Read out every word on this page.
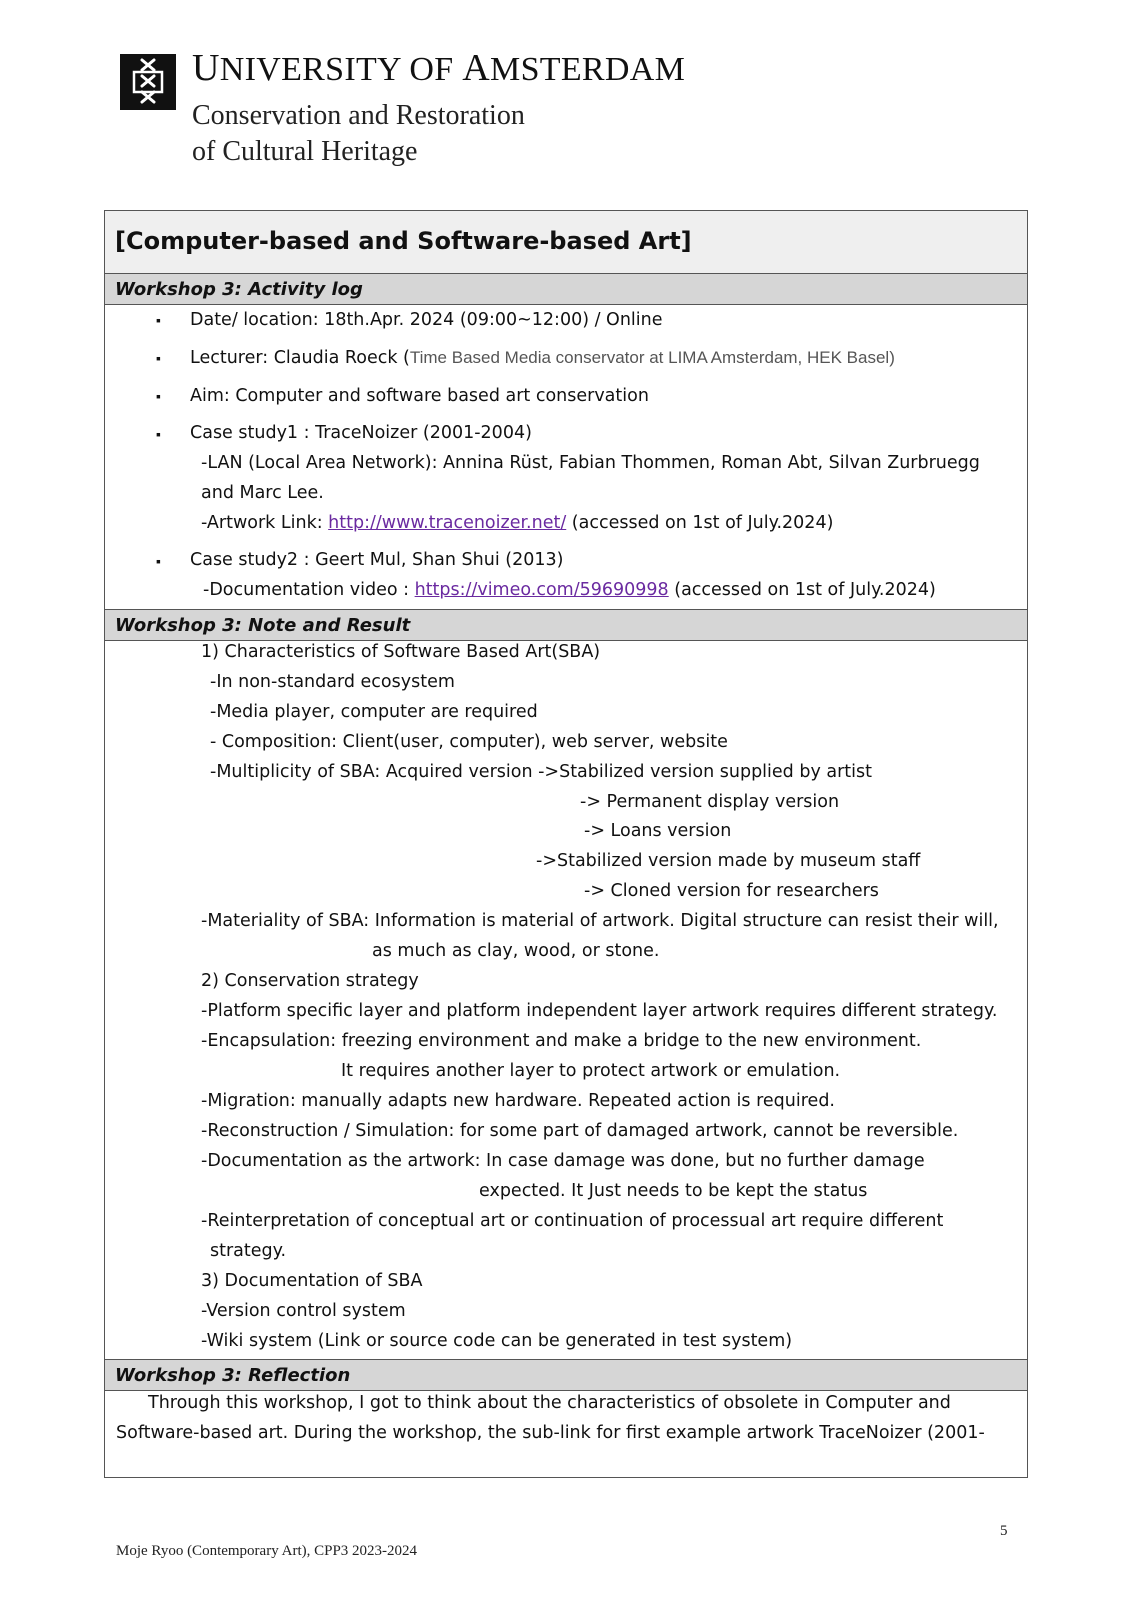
UNIVERSITY OF AMSTERDAM
Conservation and Restoration
of Cultural Heritage
[Computer-based and Software-based Art]
Workshop 3: Activity log
Workshop 3: Note and Result
Workshop 3: Reflection
▪ Date/ location: 18th.Apr. 2024 (09:00~12:00) / Online
▪ Lecturer: Claudia Roeck (Time Based Media conservator at LIMA Amsterdam, HEK Basel)
▪ Aim: Computer and software based art conservation
▪ Case study1 : TraceNoizer (2001-2004)
-LAN (Local Area Network): Annina Rüst, Fabian Thommen, Roman Abt, Silvan Zurbruegg
and Marc Lee.
-Artwork Link: http://www.tracenoizer.net/ (accessed on 1st of July.2024)
▪ Case study2 : Geert Mul, Shan Shui (2013)
-Documentation video : https://vimeo.com/59690998 (accessed on 1st of July.2024)
1) Characteristics of Software Based Art(SBA)
-In non-standard ecosystem
-Media player, computer are required
- Composition: Client(user, computer), web server, website
-Multiplicity of SBA: Acquired version ->Stabilized version supplied by artist
-> Permanent display version
-> Loans version
->Stabilized version made by museum staff
-> Cloned version for researchers
-Materiality of SBA: Information is material of artwork. Digital structure can resist their will,
as much as clay, wood, or stone.
2) Conservation strategy
-Platform specific layer and platform independent layer artwork requires different strategy.
-Encapsulation: freezing environment and make a bridge to the new environment.
It requires another layer to protect artwork or emulation.
-Migration: manually adapts new hardware. Repeated action is required.
-Reconstruction / Simulation: for some part of damaged artwork, cannot be reversible.
-Documentation as the artwork: In case damage was done, but no further damage
expected. It Just needs to be kept the status
-Reinterpretation of conceptual art or continuation of processual art require different
strategy.
3) Documentation of SBA
-Version control system
-Wiki system (Link or source code can be generated in test system)
Through this workshop, I got to think about the characteristics of obsolete in Computer and
Software-based art. During the workshop, the sub-link for first example artwork TraceNoizer (2001-
Moje Ryoo (Contemporary Art), CPP3 2023-2024
5
